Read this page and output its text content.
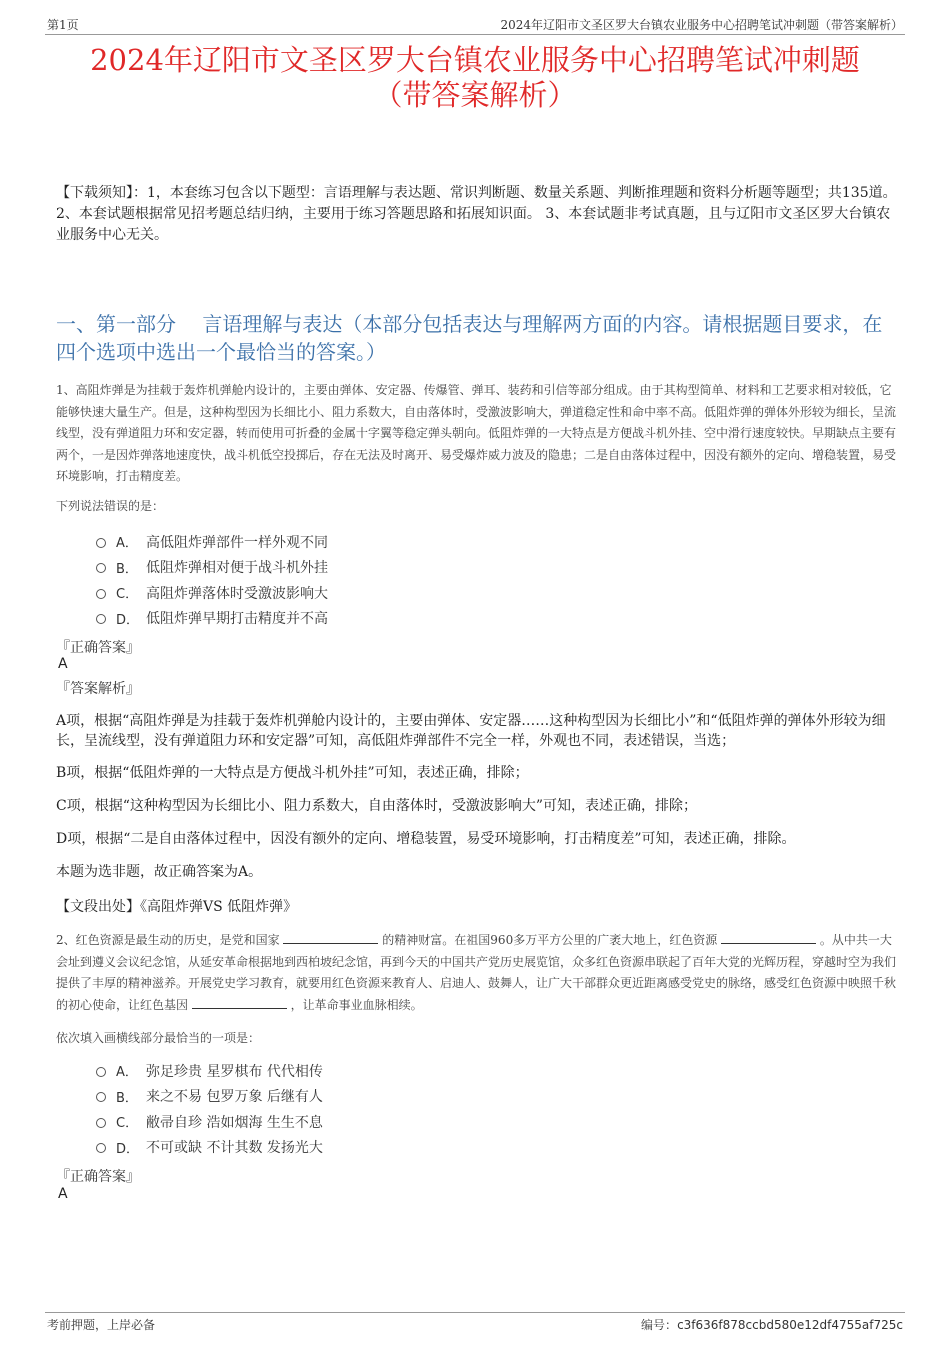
第1页	2024年辽阳市文圣区罗大台镇农业服务中心招聘笔试冲刺题（带答案解析）
2024年辽阳市文圣区罗大台镇农业服务中心招聘笔试冲刺题
（带答案解析）
【下载须知】：1，本套练习包含以下题型：言语理解与表达题、常识判断题、数量关系题、判断推理题和资料分析题等题型；共135道。 2、本套试题根据常见招考题总结归纳，主要用于练习答题思路和拓展知识面。 3、本套试题非考试真题，且与辽阳市文圣区罗大台镇农业服务中心无关。
一、第一部分　 言语理解与表达（本部分包括表达与理解两方面的内容。请根据题目要求，在四个选项中选出一个最恰当的答案。）
1、高阻炸弹是为挂载于轰炸机弹舱内设计的，主要由弹体、安定器、传爆管、弹耳、装药和引信等部分组成。由于其构型简单、材料和工艺要求相对较低，它能够快速大量生产。但是，这种构型因为长细比小、阻力系数大，自由落体时，受激波影响大，弹道稳定性和命中率不高。低阻炸弹的弹体外形较为细长，呈流线型，没有弹道阻力环和安定器，转而使用可折叠的金属十字翼等稳定弹头朝向。低阻炸弹的一大特点是方便战斗机外挂、空中滑行速度较快。早期缺点主要有两个，一是因炸弹落地速度快，战斗机低空投掷后，存在无法及时离开、易受爆炸威力波及的隐患；二是自由落体过程中，因没有额外的定向、增稳装置，易受环境影响，打击精度差。
下列说法错误的是：
A． 高低阻炸弹部件一样外观不同
B． 低阻炸弹相对便于战斗机外挂
C． 高阻炸弹落体时受激波影响大
D． 低阻炸弹早期打击精度并不高
『正确答案』
A
『答案解析』
A项，根据“高阻炸弹是为挂载于轰炸机弹舱内设计的，主要由弹体、安定器……这种构型因为长细比小”和“低阻炸弹的弹体外形较为细长，呈流线型，没有弹道阻力环和安定器”可知，高低阻炸弹部件不完全一样，外观也不同，表述错误，当选；
B项，根据“低阻炸弹的一大特点是方便战斗机外挂”可知，表述正确，排除；
C项，根据“这种构型因为长细比小、阻力系数大，自由落体时，受激波影响大”可知，表述正确，排除；
D项，根据“二是自由落体过程中，因没有额外的定向、增稳装置，易受环境影响，打击精度差”可知，表述正确，排除。
本题为选非题，故正确答案为A。
【文段出处】《高阻炸弹VS 低阻炸弹》
2、红色资源是最生动的历史，是党和国家	的精神财富。在祖国960多万平方公里的广袤大地上，红色资源	。从中共一大会址到遵义会议纪念馆，从延安革命根据地到西柏坡纪念馆，再到今天的中国共产党历史展览馆，众多红色资源串联起了百年大党的光辉历程，穿越时空为我们提供了丰厚的精神滋养。开展党史学习教育，就要用红色资源来教育人、启迪人、鼓舞人，让广大干部群众更近距离感受党史的脉络，感受红色资源中映照千秋的初心使命，让红色基因	，让革命事业血脉相续。
依次填入画横线部分最恰当的一项是：
A． 弥足珍贵 星罗棋布 代代相传
B． 来之不易 包罗万象 后继有人
C． 敝帚自珍 浩如烟海 生生不息
D． 不可或缺 不计其数 发扬光大
『正确答案』
A
考前押题，上岸必备	编号：c3f636f878ccbd580e12df4755af725c
